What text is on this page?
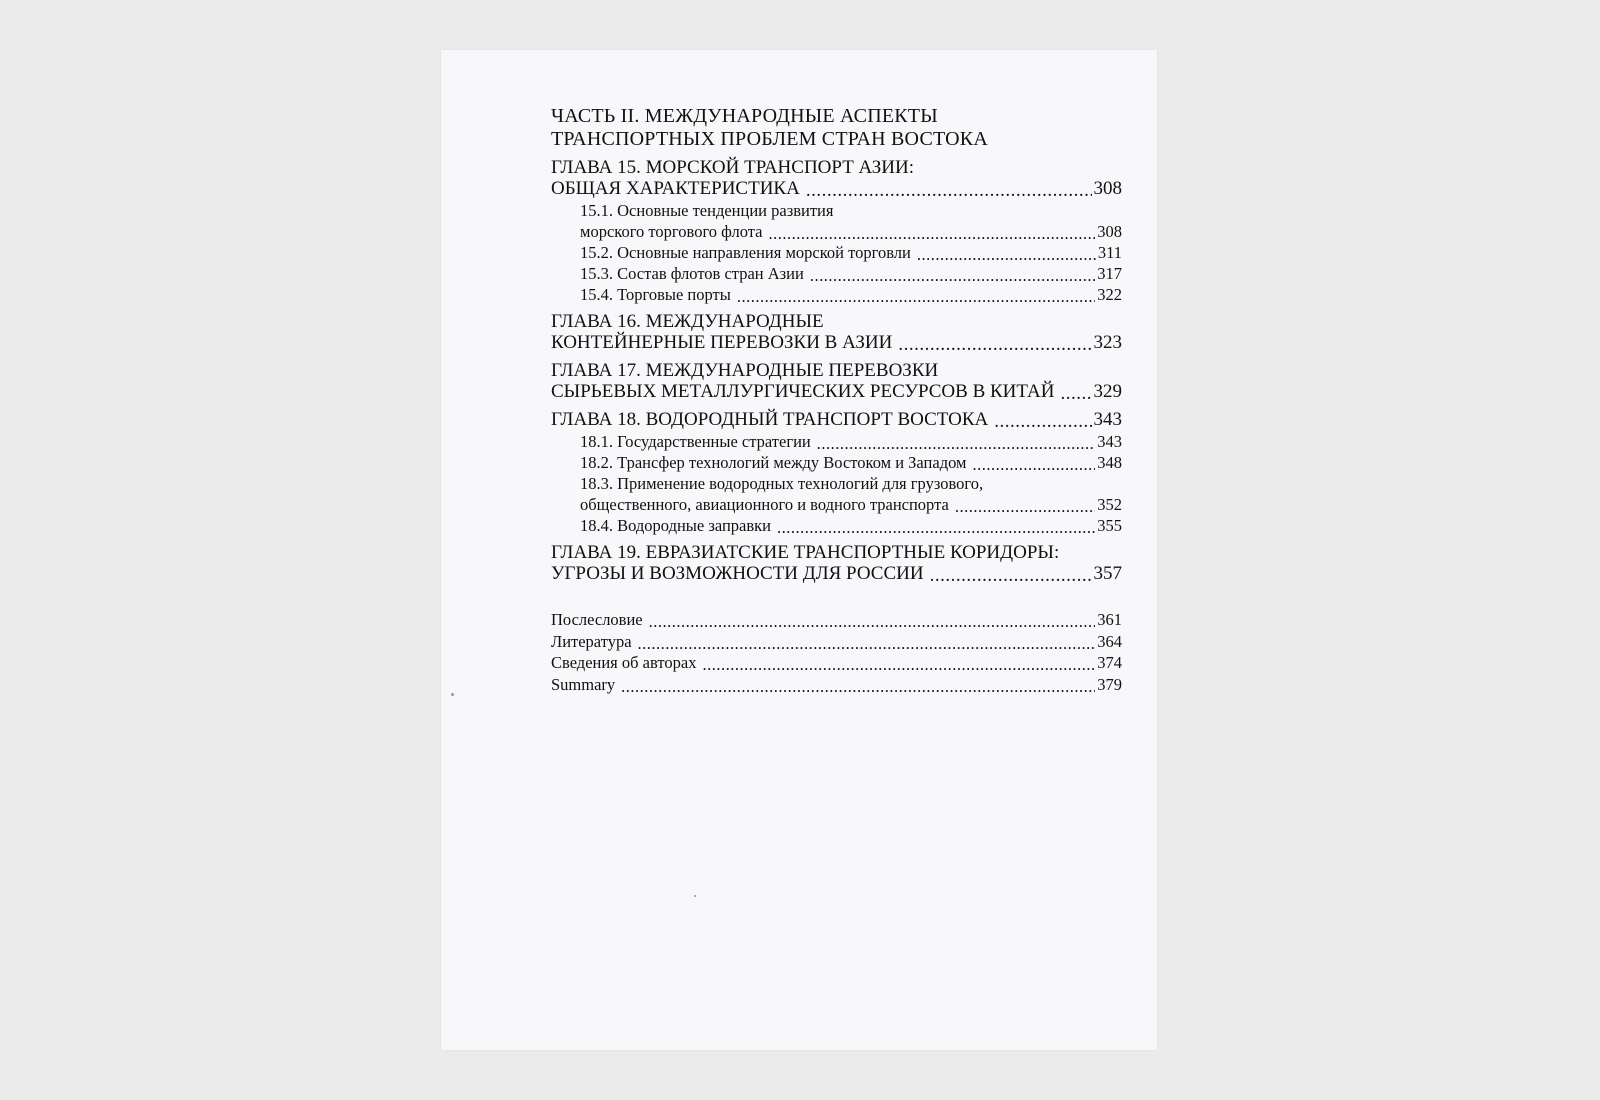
ЧАСТЬ II. МЕЖДУНАРОДНЫЕ АСПЕКТЫ
ТРАНСПОРТНЫХ ПРОБЛЕМ СТРАН ВОСТОКА
ГЛАВА 15. МОРСКОЙ ТРАНСПОРТ АЗИИ:
ОБЩАЯ ХАРАКТЕРИСТИКА .....	308
15.1. Основные тенденции развития
морского торгового флота .....	308
15.2. Основные направления морской торговли .....	311
15.3. Состав флотов стран Азии .....	317
15.4. Торговые порты .....	322
ГЛАВА 16. МЕЖДУНАРОДНЫЕ
КОНТЕЙНЕРНЫЕ ПЕРЕВОЗКИ В АЗИИ .....	323
ГЛАВА 17. МЕЖДУНАРОДНЫЕ ПЕРЕВОЗКИ
СЫРЬЕВЫХ МЕТАЛЛУРГИЧЕСКИХ РЕСУРСОВ В КИТАЙ ..... 329
ГЛАВА 18. ВОДОРОДНЫЙ ТРАНСПОРТ ВОСТОКА .....	343
18.1. Государственные стратегии .....	343
18.2. Трансфер технологий между Востоком и Западом .....	348
18.3. Применение водородных технологий для грузового,
общественного, авиационного и водного транспорта .....	352
18.4. Водородные заправки .....	355
ГЛАВА 19. ЕВРАЗИАТСКИЕ ТРАНСПОРТНЫЕ КОРИДОРЫ:
УГРОЗЫ И ВОЗМОЖНОСТИ ДЛЯ РОССИИ .....	357
Послесловие .....	361
Литература .....	364
Сведения об авторах .....	374
Summary .....	379
